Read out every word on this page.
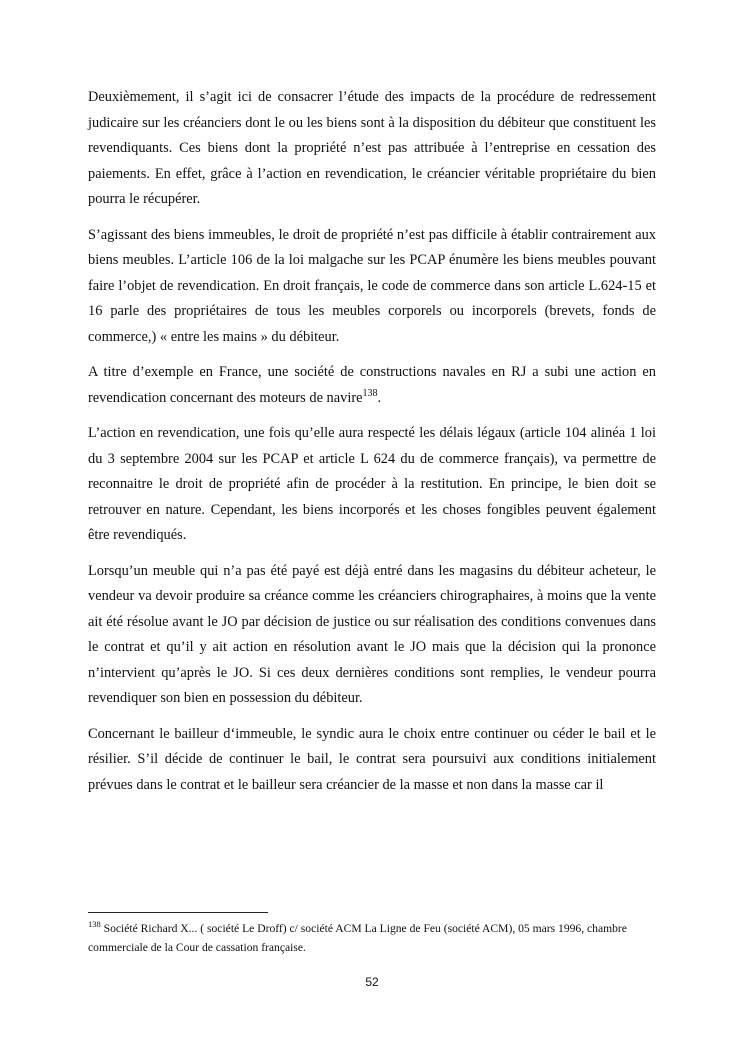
Deuxièmement, il s’agit ici de consacrer l’étude des impacts de la procédure de redressement judicaire sur les créanciers dont le ou les biens sont à la disposition du débiteur que constituent les revendiquants. Ces biens dont la propriété n’est pas attribuée à l’entreprise en cessation des paiements. En effet, grâce à l’action en revendication, le créancier véritable propriétaire du bien pourra le récupérer.

S’agissant des biens immeubles, le droit de propriété n’est pas difficile à établir contrairement aux biens meubles. L’article 106 de la loi malgache sur les PCAP énumère les biens meubles pouvant faire l’objet de revendication. En droit français, le code de commerce dans son article L.624-15 et 16 parle des propriétaires de tous les meubles corporels ou incorporels (brevets, fonds de commerce,) « entre les mains » du débiteur.

A titre d’exemple en France, une société de constructions navales en RJ a subi une action en revendication concernant des moteurs de navire$^{138}$.

L’action en revendication, une fois qu’elle aura respecté les délais légaux (article 104 alinéa 1 loi du 3 septembre 2004 sur les PCAP et article L 624 du de commerce français), va permettre de reconnaitre le droit de propriété afin de procéder à la restitution. En principe, le bien doit se retrouver en nature. Cependant, les biens incorporés et les choses fongibles peuvent également être revendiqués.

Lorsqu’un meuble qui n’a pas été payé est déjà entré dans les magasins du débiteur acheteur, le vendeur va devoir produire sa créance comme les créanciers chirographaires, à moins que la vente ait été résolue avant le JO par décision de justice ou sur réalisation des conditions convenues dans le contrat et qu’il y ait action en résolution avant le JO mais que la décision qui la prononce n’intervient qu’après le JO. Si ces deux dernières conditions sont remplies, le vendeur pourra revendiquer son bien en possession du débiteur.

Concernant le bailleur d‘immeuble, le syndic aura le choix entre continuer ou céder le bail et le résilier. S’il décide de continuer le bail, le contrat sera poursuivi aux conditions initialement prévues dans le contrat et le bailleur sera créancier de la masse et non dans la masse car il

$^{138}$ Société Richard X... ( société Le Droff) c/ société ACM La Ligne de Feu (société ACM), 05 mars 1996, chambre commerciale de la Cour de cassation française.
52
